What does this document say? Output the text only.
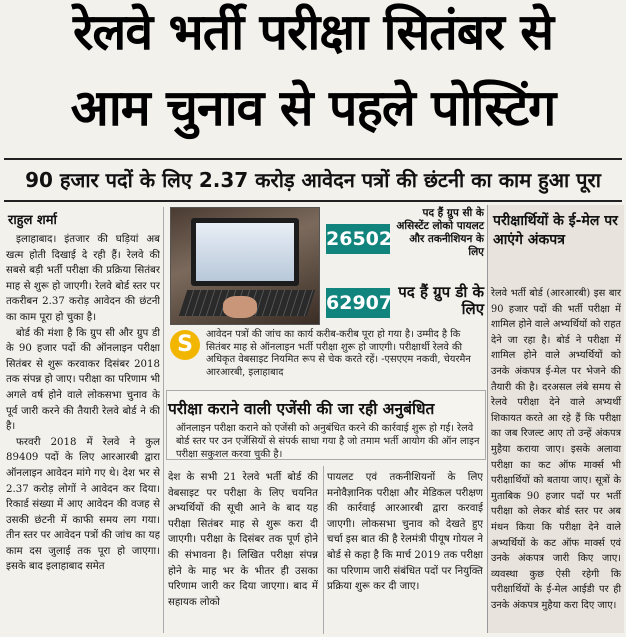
रेलवे भर्ती परीक्षा सितंबर से
आम चुनाव से पहले पोस्टिंग
90 हजार पदों के लिए 2.37 करोड़ आवेदन पत्रों की छंटनी का काम हुआ पूरा
राहुल शर्मा

इलाहाबाद। इंतजार की घड़ियां अब खत्म होती दिखाई दे रही हैं। रेलवे की सबसे बड़ी भर्ती परीक्षा की प्रक्रिया सितंबर माह से शुरू हो जाएगी। रेलवे बोर्ड स्तर पर तकरीबन 2.37 करोड़ आवेदन की छंटनी का काम पूरा हो चुका है।

बोर्ड की मंशा है कि ग्रुप सी और ग्रुप डी के 90 हजार पदों की ऑनलाइन परीक्षा सितंबर से शुरू करवाकर दिसंबर 2018 तक संपन्न हो जाए। परीक्षा का परिणाम भी अगले वर्ष होने वाले लोकसभा चुनाव के पूर्व जारी करने की तैयारी रेलवे बोर्ड ने की है।

फरवरी 2018 में रेलवे ने कुल 89409 पदों के लिए आरआरबी द्वारा ऑनलाइन आवेदन मांगे गए थे। देश भर से 2.37 करोड़ लोगों ने आवेदन कर दिया। रिकार्ड संख्या में आए आवेदन की वजह से उसकी छंटनी में काफी समय लग गया। तीन स्तर पर आवेदन पत्रों की जांच का यह काम दस जुलाई तक पूरा हो जाएगा। इसके बाद इलाहाबाद समेत

26502
पद हैं ग्रुप सी के असिस्टेंट लोको पायलट और तकनीशियन के लिए
62907 पद हैं ग्रुप डी के लिए
S	आवेदन पत्रों की जांच का कार्य करीब-करीब पूरा हो गया है। उम्मीद है कि सितंबर माह से ऑनलाइन भर्ती परीक्षा शुरू हो जाएगी। परीक्षार्थी रेलवे की अधिकृत वेबसाइट नियमित रूप से चेक करते रहें। -एसएएम नकवी, चेयरमैन आरआरबी, इलाहाबाद
परीक्षा कराने वाली एजेंसी की जा रही अनुबंधित
ऑनलाइन परीक्षा कराने को एजेंसी को अनुबंधित करने की कार्रवाई शुरू हो गई। रेलवे बोर्ड स्तर पर उन एजेंसियों से संपर्क साधा गया है जो तमाम भर्ती आयोग की ऑन लाइन परीक्षा सकुशल करवा चुकी है।

देश के सभी 21 रेलवे भर्ती बोर्ड की वेबसाइट पर परीक्षा के लिए चयनित अभ्यर्थियों की सूची आने के बाद यह परीक्षा सितंबर माह से शुरू करा दी जाएगी। परीक्षा के दिसंबर तक पूर्ण होने की संभावना है। लिखित परीक्षा संपन्न होने के माह भर के भीतर ही उसका परिणाम जारी कर दिया जाएगा। बाद में सहायक लोको

पायलट एवं तकनीशियनों के लिए मनोवैज्ञानिक परीक्षा और मेडिकल परीक्षण की कार्रवाई आरआरबी द्वारा करवाई जाएगी। लोकसभा चुनाव को देखते हुए चर्चा इस बात की है रेलमंत्री पीयूष गोयल ने बोर्ड से कहा है कि मार्च 2019 तक परीक्षा का परिणाम जारी संबंधित पदों पर नियुक्ति प्रक्रिया शुरू कर दी जाए।

परीक्षार्थियों के ई-मेल पर आएंगे अंकपत्र
रेलवे भर्ती बोर्ड (आरआरबी) इस बार 90 हजार पदों की भर्ती परीक्षा में शामिल होने वाले अभ्यर्थियों को राहत देने जा रहा है। बोर्ड ने परीक्षा में शामिल होने वाले अभ्यर्थियों को उनके अंकपत्र ई-मेल पर भेजने की तैयारी की है। दरअसल लंबे समय से रेलवे परीक्षा देने वाले अभ्यर्थी शिकायत करते आ रहे हैं कि परीक्षा का जब रिजल्ट आए तो उन्हें अंकपत्र मुहैया कराया जाए। इसके अलावा परीक्षा का कट ऑफ मार्क्स भी परीक्षार्थियों को बताया जाए। सूत्रों के मुताबिक 90 हजार पदों पर भर्ती परीक्षा को लेकर बोर्ड स्तर पर अब मंथन किया कि परीक्षा देने वाले अभ्यर्थियों के कट ऑफ मार्क्स एवं उनके अंकपत्र जारी किए जाए। व्यवस्था कुछ ऐसी रहेगी कि परीक्षार्थियों के ई-मेल आईडी पर ही उनके अंकपत्र मुहैया करा दिए जाए।
